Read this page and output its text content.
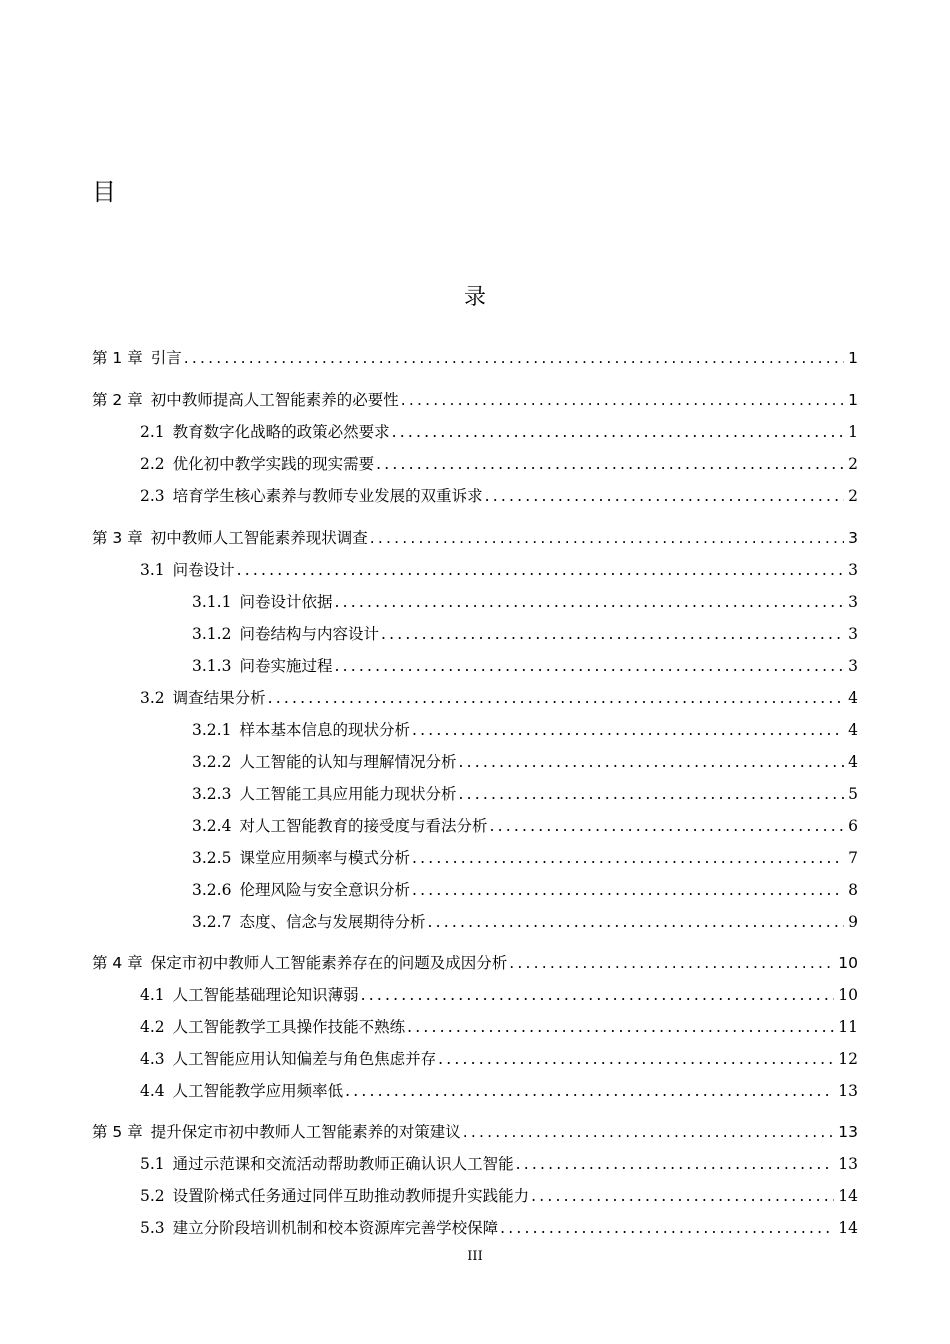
目
录
第 1 章 引言 .....	1
第 2 章 初中教师提高人工智能素养的必要性 .....	1
2.1 教育数字化战略的政策必然要求 .....	1
2.2 优化初中教学实践的现实需要 .....	2
2.3 培育学生核心素养与教师专业发展的双重诉求 .....	2
第 3 章 初中教师人工智能素养现状调查 .....	3
3.1 问卷设计 .....	3
3.1.1 问卷设计依据 .....	3
3.1.2 问卷结构与内容设计 .....	3
3.1.3 问卷实施过程 .....	3
3.2 调查结果分析 .....	4
3.2.1 样本基本信息的现状分析 .....	4
3.2.2 人工智能的认知与理解情况分析 .....	4
3.2.3 人工智能工具应用能力现状分析 .....	5
3.2.4 对人工智能教育的接受度与看法分析 .....	6
3.2.5 课堂应用频率与模式分析 .....	7
3.2.6 伦理风险与安全意识分析 .....	8
3.2.7 态度、信念与发展期待分析 .....	9
第 4 章 保定市初中教师人工智能素养存在的问题及成因分析 .....	10
4.1 人工智能基础理论知识薄弱 .....	10
4.2 人工智能教学工具操作技能不熟练 .....	11
4.3 人工智能应用认知偏差与角色焦虑并存 .....	12
4.4 人工智能教学应用频率低 .....	13
第 5 章 提升保定市初中教师人工智能素养的对策建议 .....	13
5.1 通过示范课和交流活动帮助教师正确认识人工智能 .....	13
5.2 设置阶梯式任务通过同伴互助推动教师提升实践能力 .....	14
5.3 建立分阶段培训机制和校本资源库完善学校保障 .....	14
III
